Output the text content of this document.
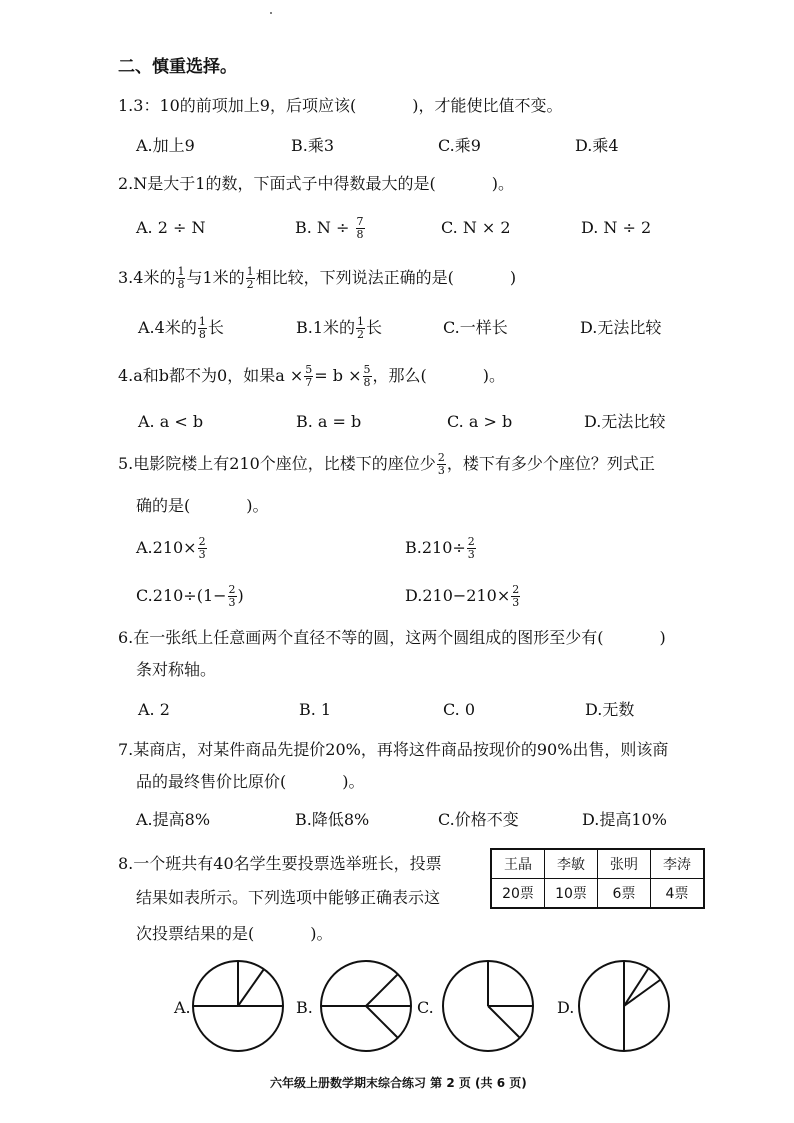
二、慎重选择。
1.3：10的前项加上9，后项应该(	)，才能使比值不变。
A.加上9	B.乘3	C.乘9	D.乘4
2.N是大于1的数，下面式子中得数最大的是(	)。
A. 2 ÷ N	B. $N \div \frac{7}{8}$	C. N × 2	D. N ÷ 2
3.4米的 $\frac{1}{8}$ 与1米的 $\frac{1}{2}$ 相比较，下列说法正确的是(	)
A.4米的 $\frac{1}{8}$ 长	B.1米的 $\frac{1}{2}$ 长	C.一样长	D.无法比较
4.a和b都不为0，如果$a \times \frac{5}{7} = b \times \frac{5}{8}$ ，那么(	)。
A. a < b	B. a = b	C. a > b	D.无法比较
5.电影院楼上有210个座位，比楼下的座位少 $\frac{2}{3}$ ，楼下有多少个座位？列式正
确的是(	)。
$A.210\times \frac{2}{3}$	$B.210\div \frac{2}{3}$
$C.210\div(1- \frac{2}{3}$ )	$D.210-210\times \frac{2}{3}$
6.在一张纸上任意画两个直径不等的圆，这两个圆组成的图形至少有(	)
条对称轴。
A. 2	B. 1	C. 0	D.无数
7.某商店，对某件商品先提价20%，再将这件商品按现价的90%出售，则该商
品的最终售价比原价(	)。
A.提高8%	B.降低8%	C.价格不变	D.提高10%
8.一个班共有40名学生要投票选举班长，投票
结果如表所示。下列选项中能够正确表示这
次投票结果的是(	)。
王晶	李敏	张明	李涛
20票	10票	6票	4票
A.	B.	C.	D.
六年级上册数学期末综合练习 第 2 页 (共 6 页)
